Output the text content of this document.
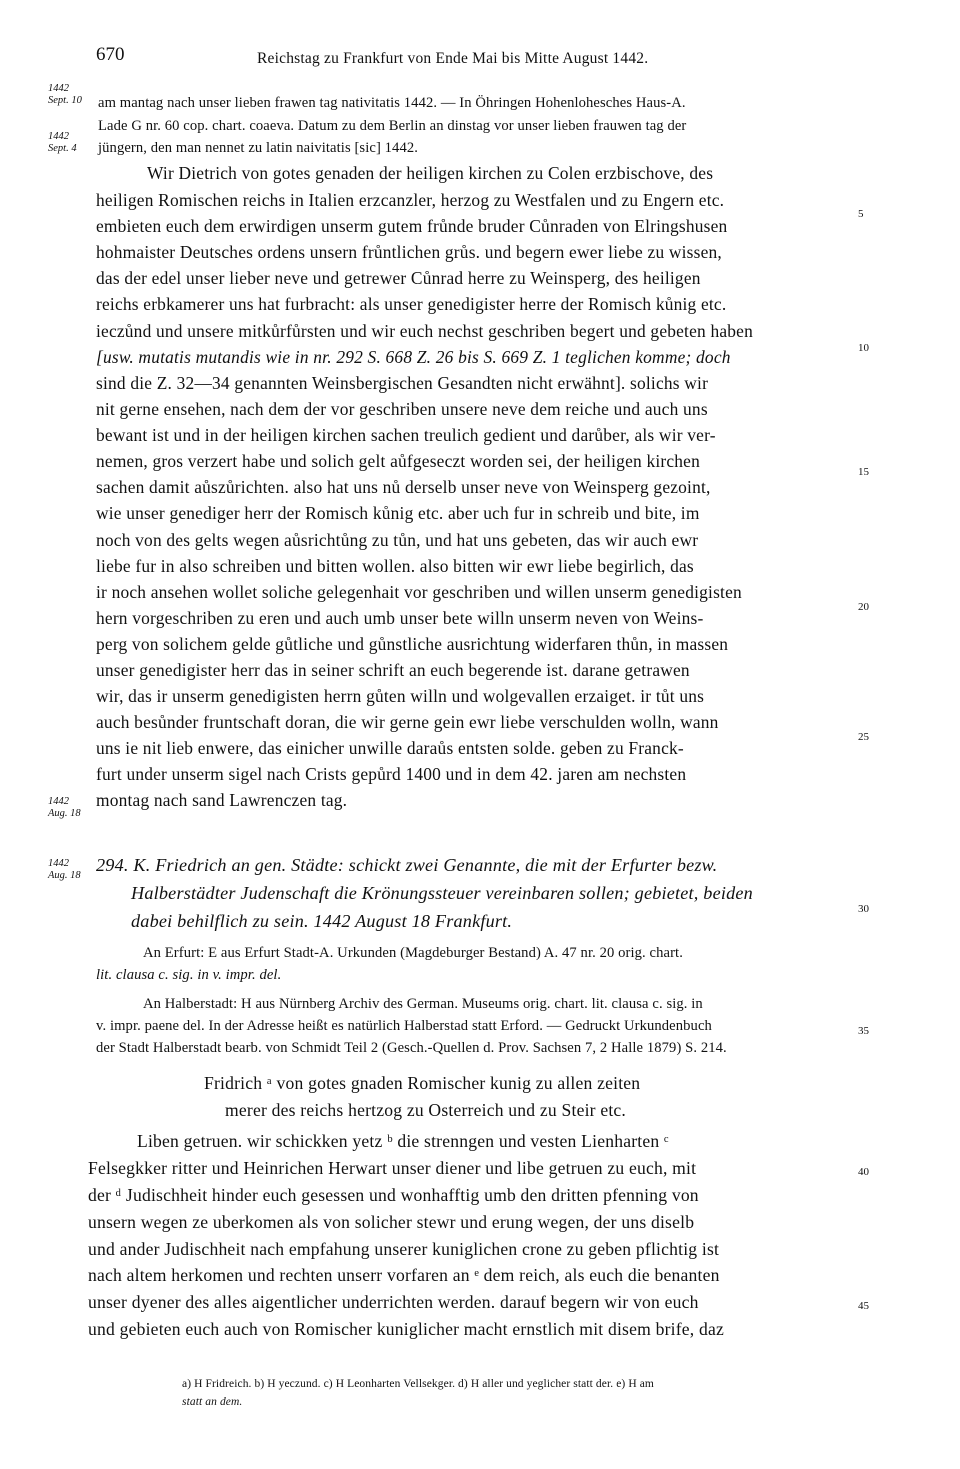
670	Reichstag zu Frankfurt von Ende Mai bis Mitte August 1442.
1442
Sept. 10
1442
Sept. 4
1442
Aug. 18
1442
Aug. 18
5
10
15
20
25
30
35
40
45
am mantag nach unser lieben frawen tag nativitatis 1442. — In Öhringen Hohenlohesches Haus-A.
Lade G nr. 60 cop. chart. coaeva. Datum zu dem Berlin an dinstag vor unser lieben frauwen tag der
jüngern, den man nennet zu latin naivitatis [sic] 1442.
Wir Dietrich von gotes genaden der heiligen kirchen zu Colen erzbischove, des
heiligen Romischen reichs in Italien erzcanzler, herzog zu Westfalen und zu Engern etc.
embieten euch dem erwirdigen unserm gutem frůnde bruder Cůnraden von Elringshusen
hohmaister Deutsches ordens unsern frůntlichen grůs. und begern ewer liebe zu wissen,
das der edel unser lieber neve und getrewer Cůnrad herre zu Weinsperg, des heiligen
reichs erbkamerer uns hat furbracht: als unser genedigister herre der Romisch kůnig etc.
ieczůnd und unsere mitkůrfůrsten und wir euch nechst geschriben begert und gebeten haben
[usw. mutatis mutandis wie in nr. 292 S. 668 Z. 26 bis S. 669 Z. 1 teglichen komme; doch
sind die Z. 32—34 genannten Weinsbergischen Gesandten nicht erwähnt]. solichs wir
nit gerne ensehen, nach dem der vor geschriben unsere neve dem reiche und auch uns
bewant ist und in der heiligen kirchen sachen treulich gedient und darůber, als wir ver-
nemen, gros verzert habe und solich gelt aůfgeseczt worden sei, der heiligen kirchen
sachen damit aůszůrichten. also hat uns nů derselb unser neve von Weinsperg gezoint,
wie unser genediger herr der Romisch kůnig etc. aber uch fur in schreib und bite, im
noch von des gelts wegen aůsrichtůng zu tůn, und hat uns gebeten, das wir auch ewr
liebe fur in also schreiben und bitten wollen. also bitten wir ewr liebe begirlich, das
ir noch ansehen wollet soliche gelegenhait vor geschriben und willen unserm genedigisten
hern vorgeschriben zu eren und auch umb unser bete willn unserm neven von Weins-
perg von solichem gelde gůtliche und gůnstliche ausrichtung widerfaren thůn, in massen
unser genedigister herr das in seiner schrift an euch begerende ist. darane getrawen
wir, das ir unserm genedigisten herrn gůten willn und wolgevallen erzaiget. ir tůt uns
auch besůnder fruntschaft doran, die wir gerne gein ewr liebe verschulden wolln, wann
uns ie nit lieb enwere, das einicher unwille daraůs entsten solde. geben zu Franck-
furt under unserm sigel nach Crists gepůrd 1400 und in dem 42. jaren am nechsten
montag nach sand Lawrenczen tag.
294. K. Friedrich an gen. Städte: schickt zwei Genannte, die mit der Erfurter bezw.
Halberstädter Judenschaft die Krönungssteuer vereinbaren sollen; gebietet, beiden
dabei behilflich zu sein. 1442 August 18 Frankfurt.
An Erfurt: E aus Erfurt Stadt-A. Urkunden (Magdeburger Bestand) A. 47 nr. 20 orig. chart.
lit. clausa c. sig. in v. impr. del.
An Halberstadt: H aus Nürnberg Archiv des German. Museums orig. chart. lit. clausa c. sig. in
v. impr. paene del. In der Adresse heißt es natürlich Halberstad statt Erford. — Gedruckt Urkundenbuch
der Stadt Halberstadt bearb. von Schmidt Teil 2 (Gesch.-Quellen d. Prov. Sachsen 7, 2 Halle 1879) S. 214.
Fridrich ᵃ von gotes gnaden Romischer kunig zu allen zeiten
merer des reichs hertzog zu Osterreich und zu Steir etc.
Liben getruen. wir schickken yetz ᵇ die strenngen und vesten Lienharten ᶜ
Felsegkker ritter und Heinrichen Herwart unser diener und libe getruen zu euch, mit
der ᵈ Judischheit hinder euch gesessen und wonhafftig umb den dritten pfenning von
unsern wegen ze uberkomen als von solicher stewr und erung wegen, der uns diselb
und ander Judischheit nach empfahung unserer kuniglichen crone zu geben pflichtig ist
nach altem herkomen und rechten unserr vorfaren an ᵉ dem reich, als euch die benanten
unser dyener des alles aigentlicher underrichten werden. darauf begern wir von euch
und gebieten euch auch von Romischer kuniglicher macht ernstlich mit disem brife, daz
a) H Fridreich. b) H yeczund. c) H Leonharten Vellsekger. d) H aller und yeglicher statt der. e) H am
statt an dem.
